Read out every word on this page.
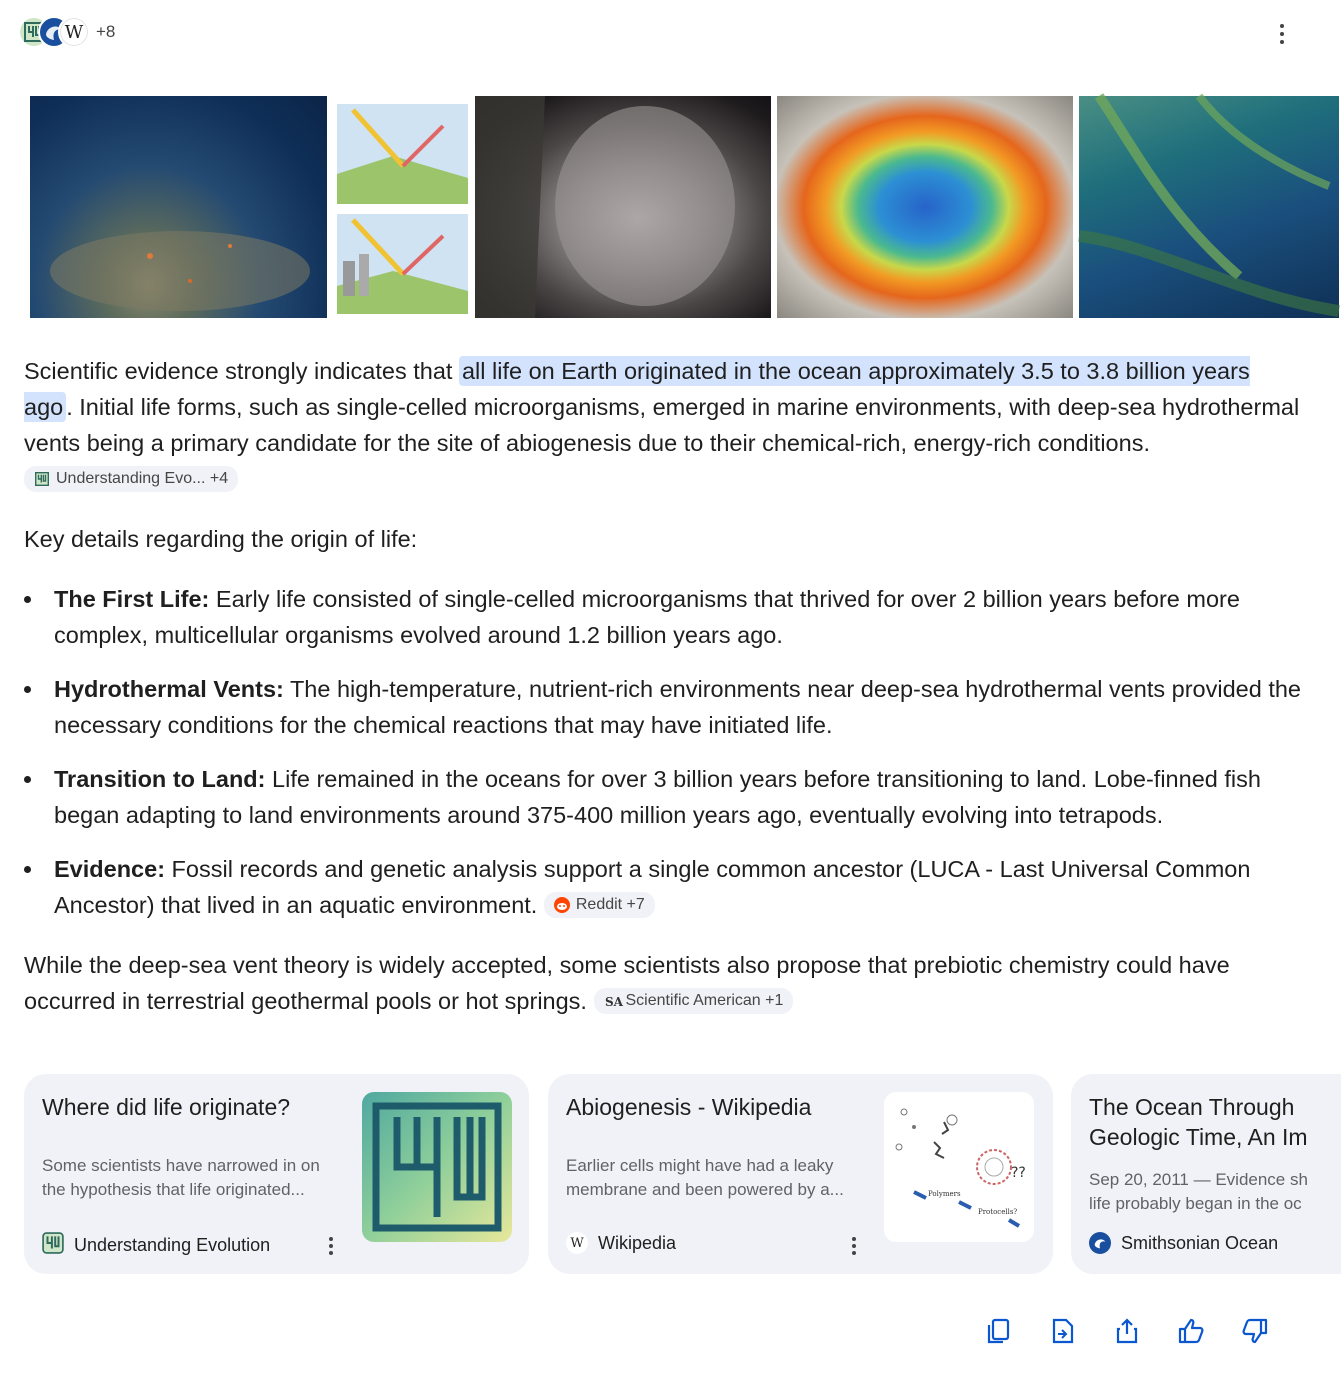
W +8
Scientific evidence strongly indicates that all life on Earth originated in the ocean approximately 3.5 to 3.8 billion years ago . Initial life forms, such as single-celled microorganisms, emerged in marine environments, with deep-sea hydrothermal vents being a primary candidate for the site of abiogenesis due to their chemical-rich, energy-rich conditions.
Understanding Evo... +4
Key details regarding the origin of life:
The First Life: Early life consisted of single-celled microorganisms that thrived for over 2 billion years before more complex, multicellular organisms evolved around 1.2 billion years ago.
Hydrothermal Vents: The high-temperature, nutrient-rich environments near deep-sea hydrothermal vents provided the necessary conditions for the chemical reactions that may have initiated life.
Transition to Land: Life remained in the oceans for over 3 billion years before transitioning to land. Lobe-finned fish began adapting to land environments around 375-400 million years ago, eventually evolving into tetrapods.
Evidence: Fossil records and genetic analysis support a single common ancestor (LUCA - Last Universal Common Ancestor) that lived in an aquatic environment. Reddit +7
While the deep-sea vent theory is widely accepted, some scientists also propose that prebiotic chemistry could have occurred in terrestrial geothermal pools or hot springs. SA Scientific American +1
Where did life originate?
Some scientists have narrowed in on
the hypothesis that life originated...
Understanding Evolution
Abiogenesis - Wikipedia
Earlier cells might have had a leaky
membrane and been powered by a...
W Wikipedia
??
Polymers
Protocells?
The Ocean Through
Geologic Time, An Im
Sep 20, 2011 — Evidence sh
life probably began in the oc
Smithsonian Ocean
